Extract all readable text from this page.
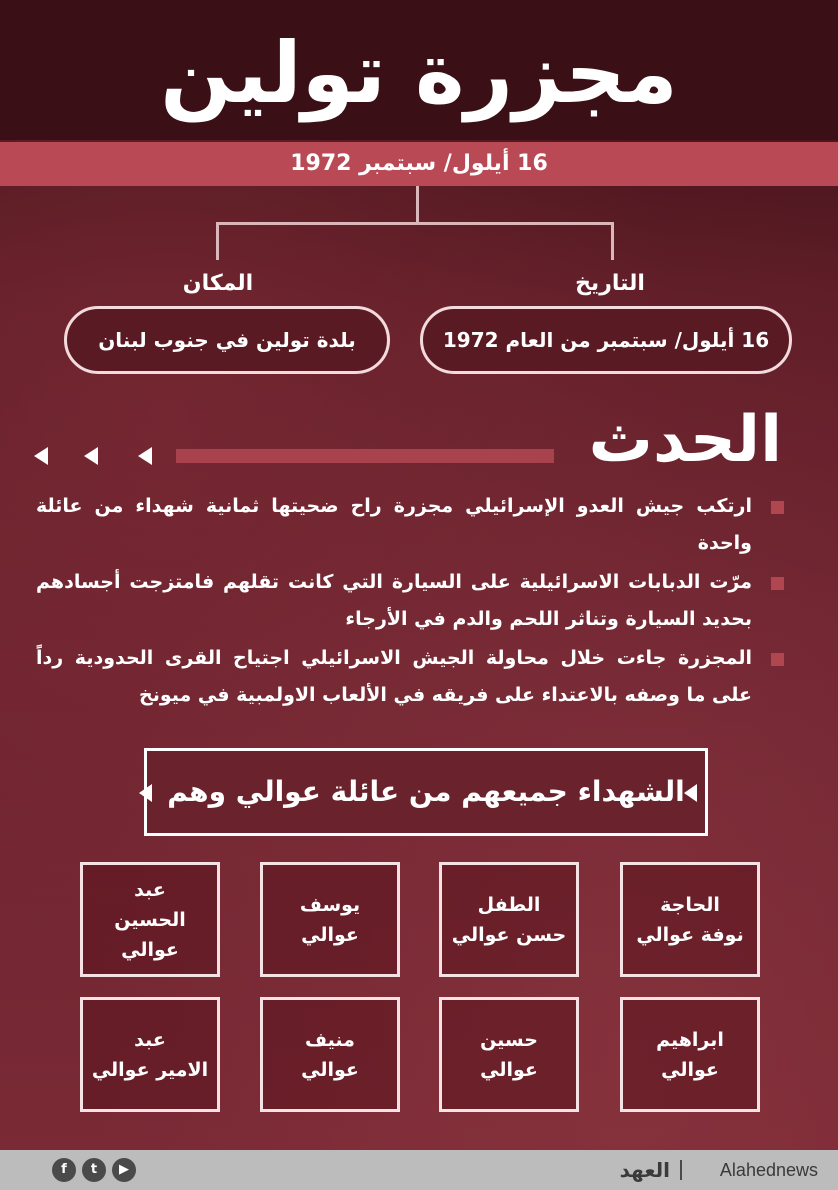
مجزرة تولين
16 أيلول/ سبتمبر 1972
التاريخ
المكان
16 أيلول/ سبتمبر من العام 1972
بلدة تولين في جنوب لبنان
الحدث
ارتكب جيش العدو الإسرائيلي مجزرة راح ضحيتها ثمانية شهداء من عائلة واحدة
مرّت الدبابات الاسرائيلية على السيارة التي كانت تقلهم فامتزجت أجسادهم بحديد السيارة وتناثر اللحم والدم في الأرجاء
المجزرة جاءت خلال محاولة الجيش الاسرائيلي اجتياح القرى الحدودية رداً على ما وصفه بالاعتداء على فريقه في الألعاب الاولمبية في ميونخ
الشهداء جميعهم من عائلة عوالي وهم
الحاجة
نوفة عوالي
الطفل
حسن عوالي
يوسف
عوالي
عبد
الحسين عوالي
ابراهيم
عوالي
حسين
عوالي
منيف
عوالي
عبد
الامير عوالي
f	t	▶	العهد	Alahednews
